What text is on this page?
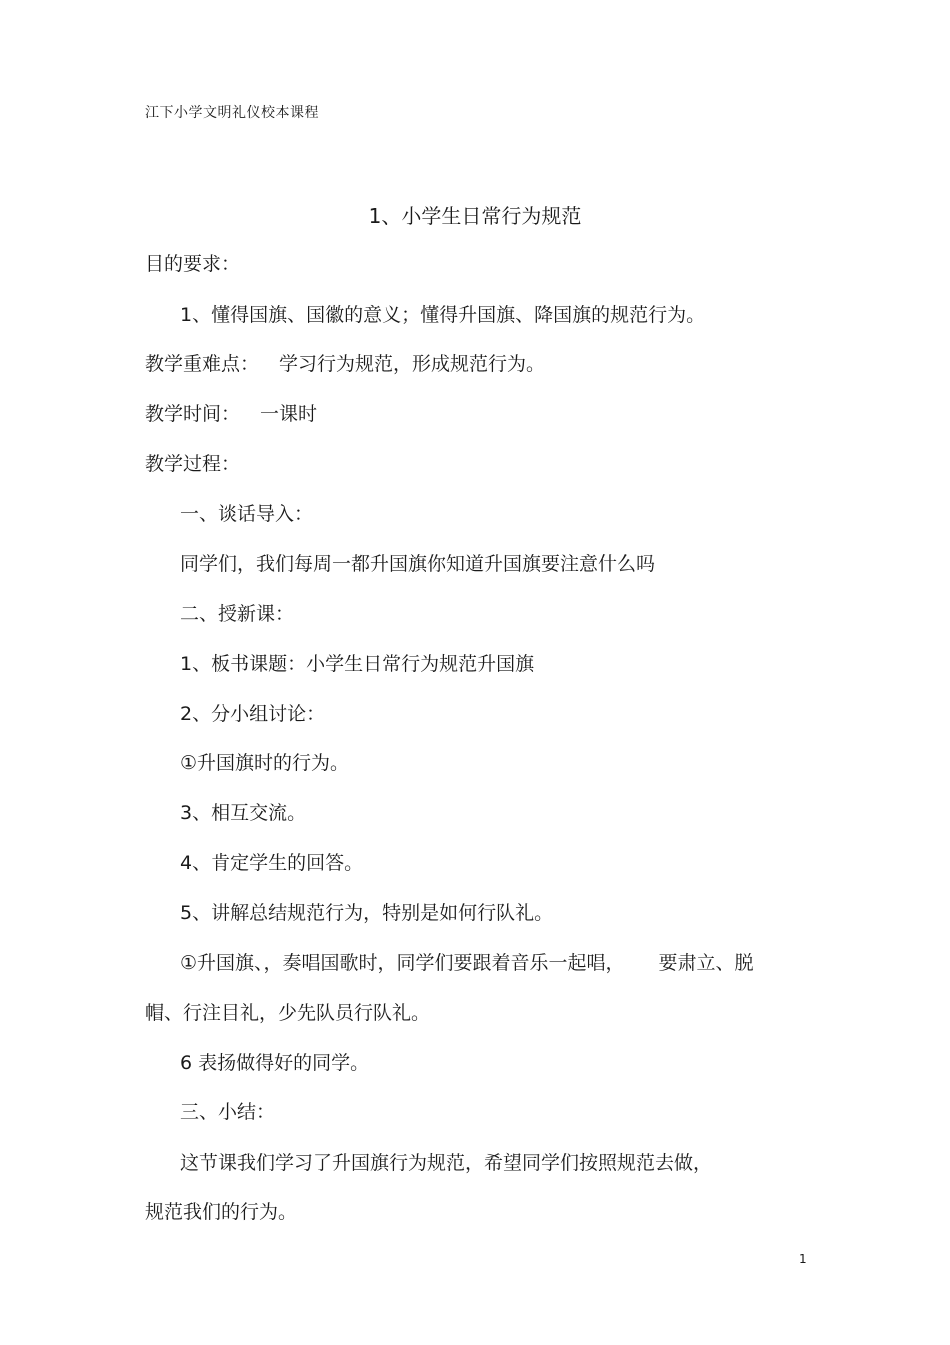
江下小学文明礼仪校本课程
1、小学生日常行为规范
目的要求：
1、懂得国旗、国徽的意义；懂得升国旗、降国旗的规范行为。
教学重难点： 学习行为规范，形成规范行为。
教学时间： 一课时
教学过程：
一、谈话导入：
同学们，我们每周一都升国旗你知道升国旗要注意什么吗
二、授新课：
1、板书课题：小学生日常行为规范升国旗
2、分小组讨论：
①升国旗时的行为。
3、相互交流。
4、肯定学生的回答。
5、讲解总结规范行为，特别是如何行队礼。
①升国旗、，奏唱国歌时，同学们要跟着音乐一起唱， 要肃立、脱
帽、行注目礼，少先队员行队礼。
6 表扬做得好的同学。
三、小结：
这节课我们学习了升国旗行为规范，希望同学们按照规范去做，
规范我们的行为。
1
